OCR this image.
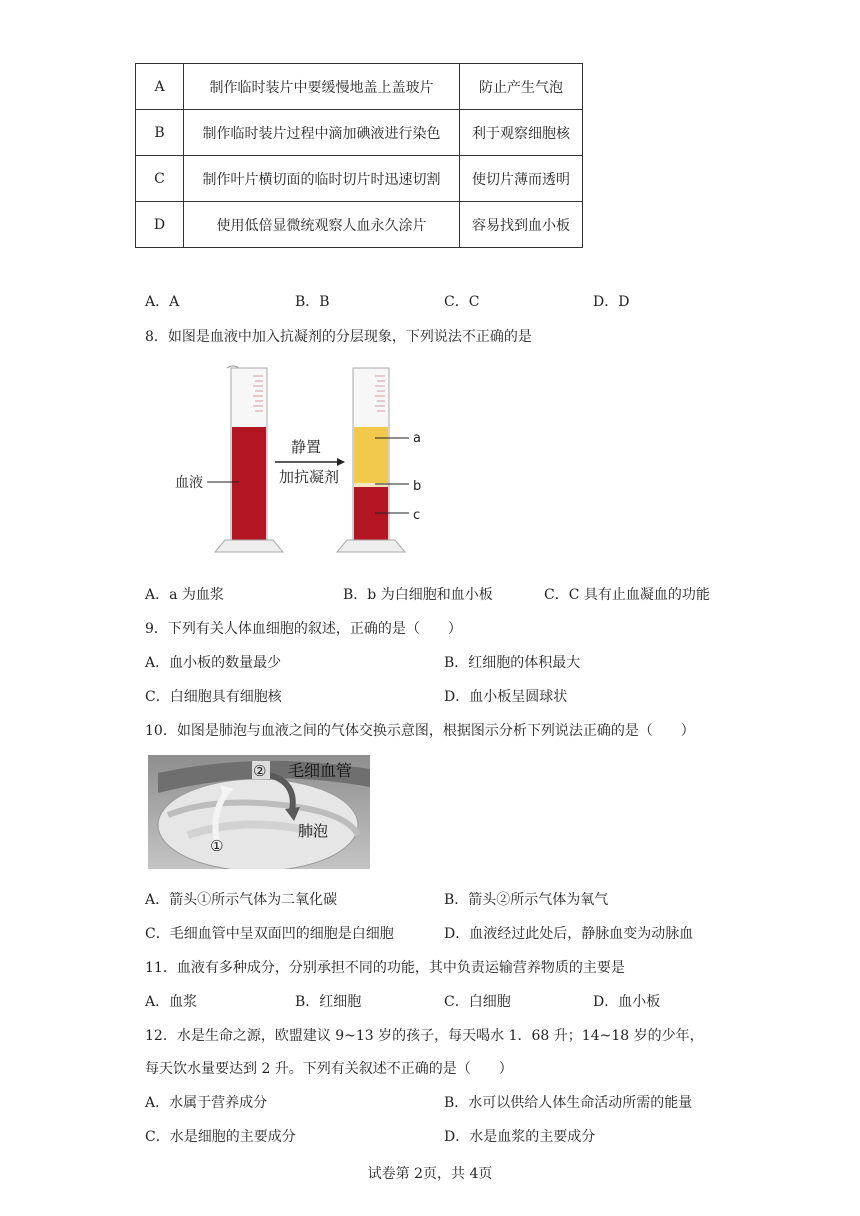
A	制作临时装片中要缓慢地盖上盖玻片	防止产生气泡
B	制作临时装片过程中滴加碘液进行染色	利于观察细胞核
C	制作叶片横切面的临时切片时迅速切割	使切片薄而透明
D	使用低倍显微统观察人血永久涂片	容易找到血小板
A．A	B．B	C．C	D．D
8．如图是血液中加入抗凝剂的分层现象，下列说法不正确的是
血液
静置
加抗凝剂
a
b
c
A．a 为血浆	B．b 为白细胞和血小板	C．C 具有止血凝血的功能
9．下列有关人体血细胞的叙述，正确的是（　　）
A．血小板的数量最少	B．红细胞的体积最大
C．白细胞具有细胞核	D．血小板呈圆球状
10．如图是肺泡与血液之间的气体交换示意图，根据图示分析下列说法正确的是（　　）
② 毛细血管
肺泡
①
A．箭头①所示气体为二氧化碳	B．箭头②所示气体为氧气
C．毛细血管中呈双面凹的细胞是白细胞	D．血液经过此处后，静脉血变为动脉血
11．血液有多种成分，分别承担不同的功能，其中负责运输营养物质的主要是
A．血浆	B．红细胞	C．白细胞	D．血小板
12．水是生命之源，欧盟建议 9~13 岁的孩子，每天喝水 1．68 升；14~18 岁的少年，
每天饮水量要达到 2 升。下列有关叙述不正确的是（　　）
A．水属于营养成分	B．水可以供给人体生命活动所需的能量
C．水是细胞的主要成分	D．水是血浆的主要成分
试卷第 2页，共 4页
